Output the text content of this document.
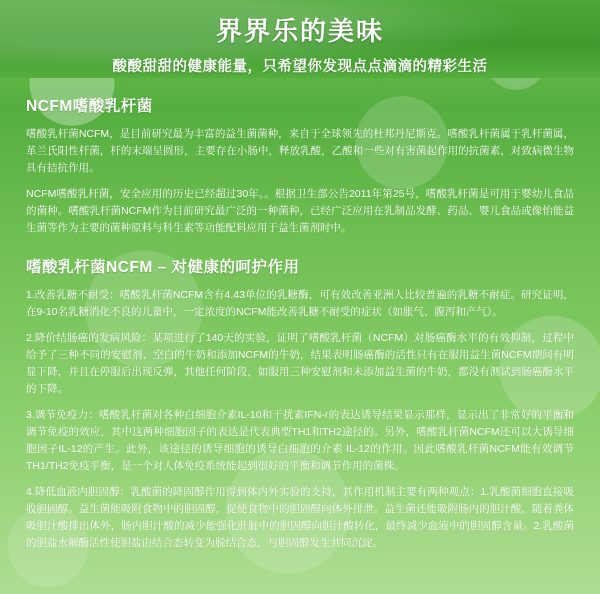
界界乐的美味

酸酸甜甜的健康能量，只希望你发现点点滴滴的精彩生活

NCFM嗜酸乳杆菌

嗜酸乳杆菌NCFM，是目前研究最为丰富的益生菌菌种，来自于全球领先的杜邦丹尼斯克。嗜酸乳杆菌属于乳杆菌属，革兰氏阳性杆菌，杆的末端呈圆形，主要存在小肠中，释放乳酸，乙酸和一些对有害菌起作用的抗菌素，对致病微生物具有拮抗作用。

NCFM嗜酸乳杆菌，安全应用的历史已经超过30年。。根据卫生部公告2011年第25号，嗜酸乳杆菌是可用于婴幼儿食品的菌种。嗜酸乳杆菌NCFM作为目前研究最广泛的一种菌种，已经广泛应用在乳制品发酵、药品、婴儿食品或像怡能益生菌等作为主要的菌种原料与科生素等功能配料应用于益生菌剂时中。

嗜酸乳杆菌NCFM – 对健康的呵护作用

1.改善乳糖不耐受：嗜酸乳杆菌NCFM含有4.43单位的乳糖酶，可有效改善亚洲人比较普遍的乳糖不耐症。研究证明，在9-10名乳糖消化不良的儿童中，一定浓度的NCFM能改善乳糖不耐受的症状（如胀气、腹泻和产气）。

2.降价结肠癌的发病风险：某项进行了140天的实验，证明了嗜酸乳杆菌（NCFM）对肠癌酶水平的有效抑制，过程中给予了三种不同的安慰剂、空白的牛奶和添加NCFM的牛奶，结果表明肠癌酶的活性只有在服用益生菌NCFM期间有明显下降，并且在停服后出现反弹，其他任何阶段，如服用三种安慰剂和未添加益生菌的牛奶，都没有测试到肠癌酶水平的下降。

3.调节免疫力：嗜酸乳杆菌对各种白细胞介素IL-10和干扰素IFN-г的表达诱导结果显示那样，显示出了非常好的平衡和调节免疫的效应，其中这两种细胞因子的表达是代表典型TH1和TH2途径的。另外，嗜酸乳杆菌NCFM还可以大诱导细胞因子IL-12的产生。此外，该途径的诱导细胞的诱导白细胞的介素 IL-12的作用。因此嗜酸乳杆菌NCFM能有效调节TH1/TH2免疫平衡，是一个对人体免疫系统能起到很好的平衡和调节作用的菌株。

4.降低血液内胆固醇：乳酸菌的降固醇作用得到体内外实验的支持，其作用机制主要有两种观点：1.乳酸菌细胞直接吸收胆固醇。益生菌能吸附食物中的胆固醇，促使食物中的胆固醇向体外排泄。益生菌还能吸附肠内的胆汁酸，随着粪体吸胆汁酸排出体外，肠内胆汁酸的减少能强化肝脏中的胆固醇向胆汁酸转化，最终减少血液中的胆固醇含量。2.乳酸菌的胆盐水解酶活性使胆盐由结合态转变为脱结合态，与胆固醇发生共同沉淀。
